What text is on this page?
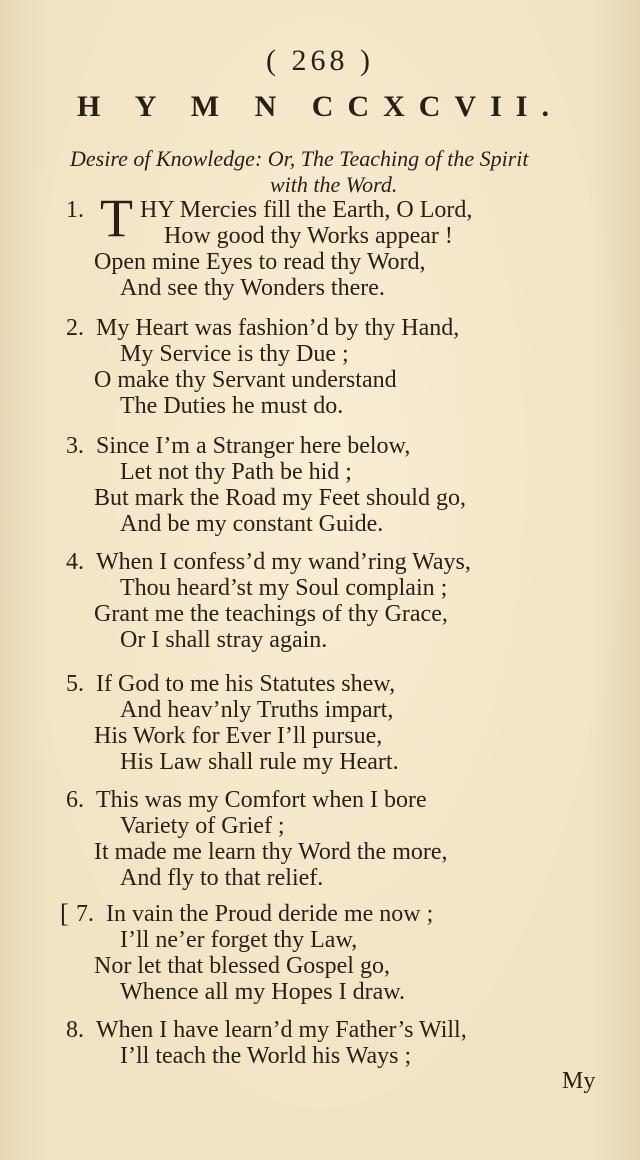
( 268 )
H Y M N CCXCVII.
Desire of Knowledge: Or, The Teaching of the Spirit
with the Word.
1. T HY Mercies fill the Earth, O Lord,
How good thy Works appear !
Open mine Eyes to read thy Word,
And see thy Wonders there.
2. My Heart was fashion’d by thy Hand,
My Service is thy Due ;
O make thy Servant understand
The Duties he must do.
3. Since I’m a Stranger here below,
Let not thy Path be hid ;
But mark the Road my Feet should go,
And be my constant Guide.
4. When I confess’d my wand’ring Ways,
Thou heard’st my Soul complain ;
Grant me the teachings of thy Grace,
Or I shall stray again.
5. If God to me his Statutes shew,
And heav’nly Truths impart,
His Work for Ever I’ll pursue,
His Law shall rule my Heart.
6. This was my Comfort when I bore
Variety of Grief ;
It made me learn thy Word the more,
And fly to that relief.
[ 7. In vain the Proud deride me now ;
I’ll ne’er forget thy Law,
Nor let that blessed Gospel go,
Whence all my Hopes I draw.
8. When I have learn’d my Father’s Will,
I’ll teach the World his Ways ;
My
